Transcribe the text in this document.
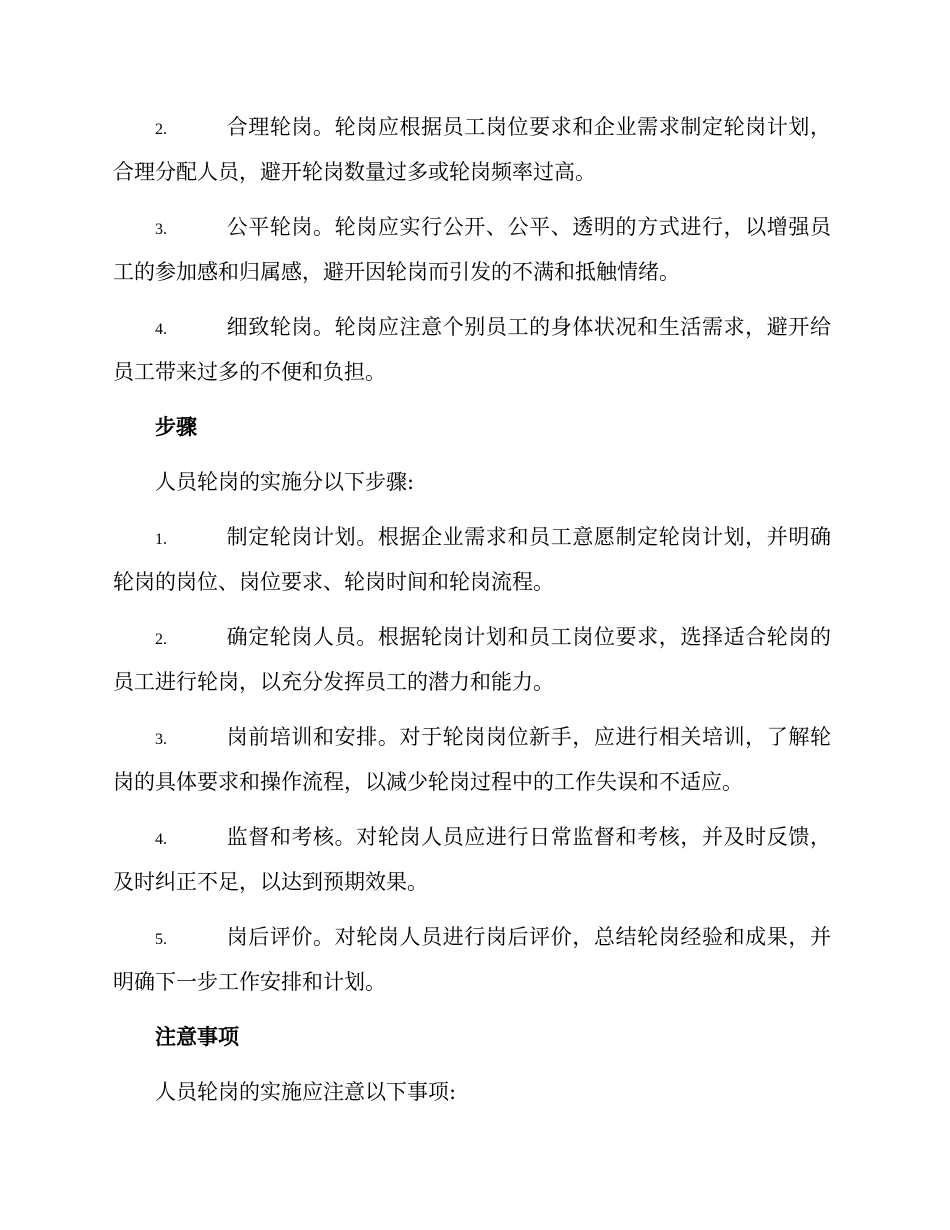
2.	合理轮岗。轮岗应根据员工岗位要求和企业需求制定轮岗计划，合理分配人员，避开轮岗数量过多或轮岗频率过高。

3.	公平轮岗。轮岗应实行公开、公平、透明的方式进行，以增强员工的参加感和归属感，避开因轮岗而引发的不满和抵触情绪。

4.	细致轮岗。轮岗应注意个别员工的身体状况和生活需求，避开给员工带来过多的不便和负担。

步骤

人员轮岗的实施分以下步骤:

1.	制定轮岗计划。根据企业需求和员工意愿制定轮岗计划，并明确轮岗的岗位、岗位要求、轮岗时间和轮岗流程。

2.	确定轮岗人员。根据轮岗计划和员工岗位要求，选择适合轮岗的员工进行轮岗，以充分发挥员工的潜力和能力。

3.	岗前培训和安排。对于轮岗岗位新手，应进行相关培训，了解轮岗的具体要求和操作流程，以减少轮岗过程中的工作失误和不适应。

4.	监督和考核。对轮岗人员应进行日常监督和考核，并及时反馈，及时纠正不足，以达到预期效果。

5.	岗后评价。对轮岗人员进行岗后评价，总结轮岗经验和成果，并明确下一步工作安排和计划。

注意事项

人员轮岗的实施应注意以下事项:
